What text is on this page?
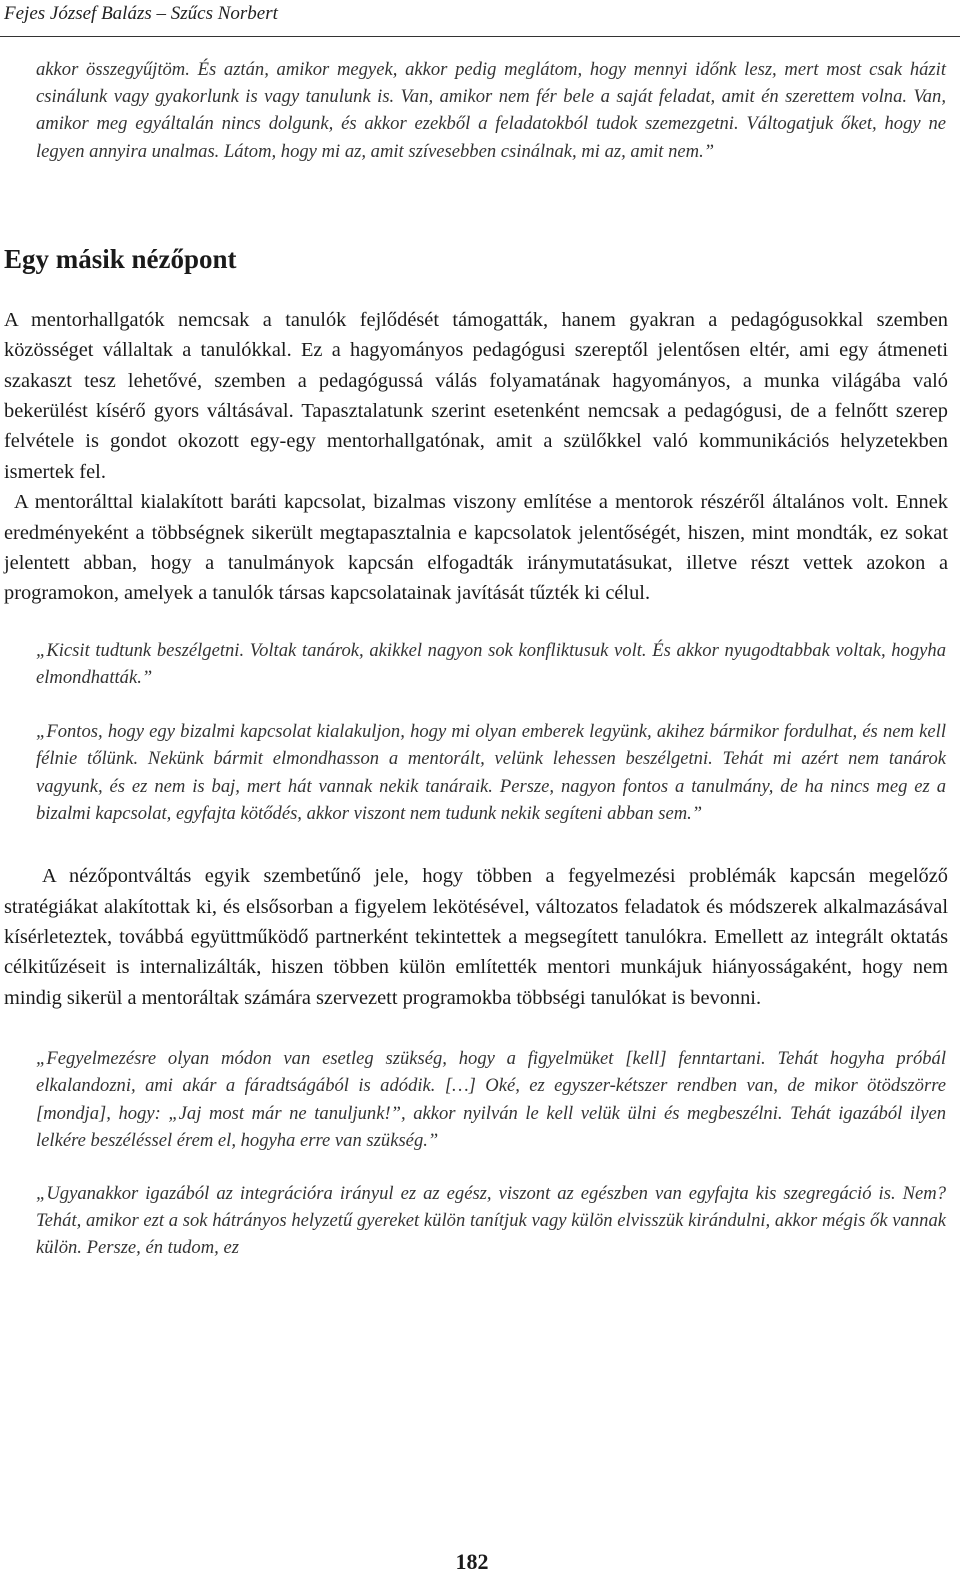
Fejes József Balázs – Szűcs Norbert

akkor összegyűjtöm. És aztán, amikor megyek, akkor pedig meglátom, hogy mennyi időnk lesz, mert most csak házit csinálunk vagy gyakorlunk is vagy tanulunk is. Van, amikor nem fér bele a saját feladat, amit én szerettem volna. Van, amikor meg egyáltalán nincs dolgunk, és akkor ezekből a feladatokból tudok szemezgetni. Váltogatjuk őket, hogy ne legyen annyira unalmas. Látom, hogy mi az, amit szívesebben csinálnak, mi az, amit nem.”

Egy másik nézőpont

A mentorhallgatók nemcsak a tanulók fejlődését támogatták, hanem gyakran a pedagógusokkal szemben közösséget vállaltak a tanulókkal. Ez a hagyományos pedagógusi szereptől jelentősen eltér, ami egy átmeneti szakaszt tesz lehetővé, szemben a pedagógussá válás folyamatának hagyományos, a munka világába való bekerülést kísérő gyors váltásával. Tapasztalatunk szerint esetenként nemcsak a pedagógusi, de a felnőtt szerep felvétele is gondot okozott egy-egy mentorhallgatónak, amit a szülőkkel való kommunikációs helyzetekben ismertek fel.

A mentorálttal kialakított baráti kapcsolat, bizalmas viszony említése a mentorok részéről általános volt. Ennek eredményeként a többségnek sikerült megtapasztalnia e kapcsolatok jelentőségét, hiszen, mint mondták, ez sokat jelentett abban, hogy a tanulmányok kapcsán elfogadták iránymutatásukat, illetve részt vettek azokon a programokon, amelyek a tanulók társas kapcsolatainak javítását tűzték ki célul.

„Kicsit tudtunk beszélgetni. Voltak tanárok, akikkel nagyon sok konfliktusuk volt. És akkor nyugodtabbak voltak, hogyha elmondhatták.”

„Fontos, hogy egy bizalmi kapcsolat kialakuljon, hogy mi olyan emberek legyünk, akihez bármikor fordulhat, és nem kell félnie tőlünk. Nekünk bármit elmondhasson a mentorált, velünk lehessen beszélgetni. Tehát mi azért nem tanárok vagyunk, és ez nem is baj, mert hát vannak nekik tanáraik. Persze, nagyon fontos a tanulmány, de ha nincs meg ez a bizalmi kapcsolat, egyfajta kötődés, akkor viszont nem tudunk nekik segíteni abban sem.”

A nézőpontváltás egyik szembetűnő jele, hogy többen a fegyelmezési problémák kapcsán megelőző stratégiákat alakítottak ki, és elsősorban a figyelem lekötésével, változatos feladatok és módszerek alkalmazásával kísérleteztek, továbbá együttműködő partnerként tekintettek a megsegített tanulókra. Emellett az integrált oktatás célkitűzéseit is internalizálták, hiszen többen külön említették mentori munkájuk hiányosságaként, hogy nem mindig sikerül a mentoráltak számára szervezett programokba többségi tanulókat is bevonni.

„Fegyelmezésre olyan módon van esetleg szükség, hogy a figyelmüket [kell] fenntartani. Tehát hogyha próbál elkalandozni, ami akár a fáradtságából is adódik. […] Oké, ez egyszer-kétszer rendben van, de mikor ötödszörre [mondja], hogy: „Jaj most már ne tanuljunk!”, akkor nyilván le kell velük ülni és megbeszélni. Tehát igazából ilyen lelkére beszéléssel érem el, hogyha erre van szükség.”

„Ugyanakkor igazából az integrációra irányul ez az egész, viszont az egészben van egyfajta kis szegregáció is. Nem? Tehát, amikor ezt a sok hátrányos helyzetű gyereket külön tanítjuk vagy külön elvisszük kirándulni, akkor mégis ők vannak külön. Persze, én tudom, ez

182
